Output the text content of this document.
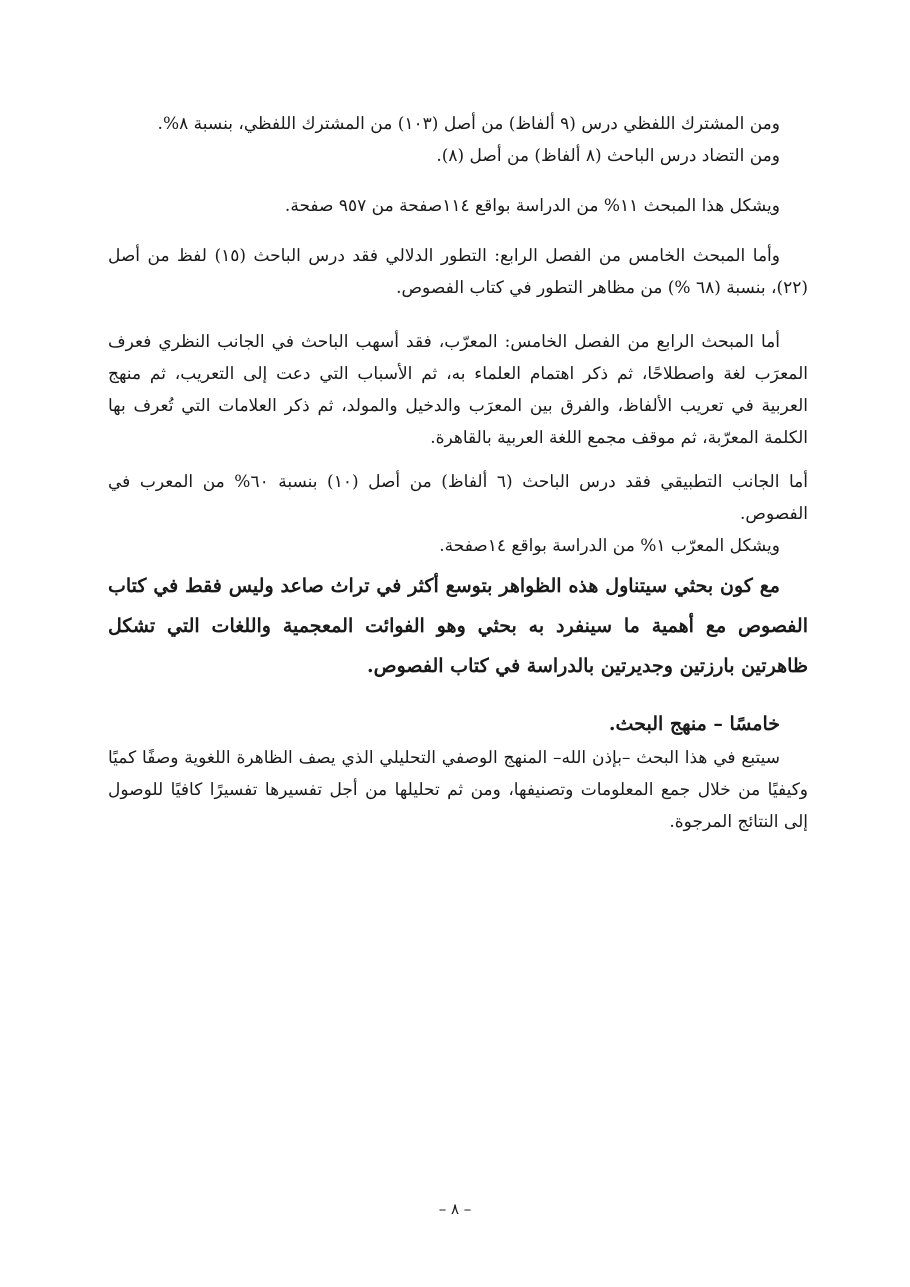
ومن المشترك اللفظي درس (٩ ألفاظ) من أصل (١٠٣) من المشترك اللفظي، بنسبة ٨%.
ومن التضاد درس الباحث (٨ ألفاظ) من أصل (٨).

ويشكل هذا المبحث ١١% من الدراسة بواقع ١١٤صفحة من ٩٥٧ صفحة.

وأما المبحث الخامس من الفصل الرابع: التطور الدلالي فقد درس الباحث (١٥) لفظ من أصل (٢٢)، بنسبة (٦٨ %) من مظاهر التطور في كتاب الفصوص.

أما المبحث الرابع من الفصل الخامس: المعرّب، فقد أسهب الباحث في الجانب النظري فعرف المعرَب لغة واصطلاحًا، ثم ذكر اهتمام العلماء به، ثم الأسباب التي دعت إلى التعريب، ثم منهج العربية في تعريب الألفاظ، والفرق بين المعرَب والدخيل والمولد، ثم ذكر العلامات التي تُعرف بها الكلمة المعرّبة، ثم موقف مجمع اللغة العربية بالقاهرة.

أما الجانب التطبيقي فقد درس الباحث (٦ ألفاظ) من أصل (١٠) بنسبة ٦٠% من المعرب في الفصوص.

ويشكل المعرّب ١% من الدراسة بواقع ١٤صفحة.

مع كون بحثي سيتناول هذه الظواهر بتوسع أكثر في تراث صاعد وليس فقط في كتاب الفصوص مع أهمية ما سينفرد به بحثي وهو الفوائت المعجمية واللغات التي تشكل ظاهرتين بارزتين وجديرتين بالدراسة في كتاب الفصوص.

خامسًا – منهج البحث.

سيتبع في هذا البحث –بإذن الله– المنهج الوصفي التحليلي الذي يصف الظاهرة اللغوية وصفًا كميًا وكيفيًا من خلال جمع المعلومات وتصنيفها، ومن ثم تحليلها من أجل تفسيرها تفسيرًا كافيًا للوصول إلى النتائج المرجوة.

– ٨ –
